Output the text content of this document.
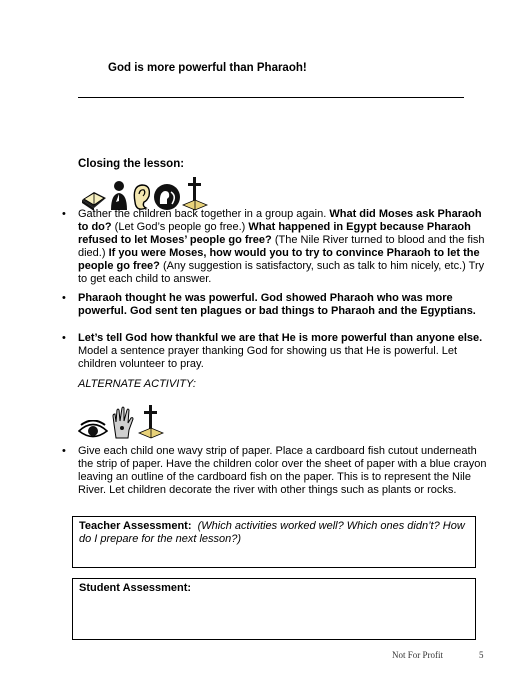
God is more powerful than Pharaoh!
Closing the lesson:
• Gather the children back together in a group again. What did Moses ask Pharaoh to do? (Let God’s people go free.) What happened in Egypt because Pharaoh refused to let Moses’ people go free? (The Nile River turned to blood and the fish died.) If you were Moses, how would you to try to convince Pharaoh to let the people go free? (Any suggestion is satisfactory, such as talk to him nicely, etc.) Try to get each child to answer.
• Pharaoh thought he was powerful. God showed Pharaoh who was more powerful. God sent ten plagues or bad things to Pharaoh and the Egyptians.
• Let’s tell God how thankful we are that He is more powerful than anyone else. Model a sentence prayer thanking God for showing us that He is powerful. Let children volunteer to pray.
ALTERNATE ACTIVITY:
• Give each child one wavy strip of paper. Place a cardboard fish cutout underneath the strip of paper. Have the children color over the sheet of paper with a blue crayon leaving an outline of the cardboard fish on the paper. This is to represent the Nile River. Let children decorate the river with other things such as plants or rocks.
Teacher Assessment: (Which activities worked well? Which ones didn’t? How do I prepare for the next lesson?)
Student Assessment:
Not For Profit	5
